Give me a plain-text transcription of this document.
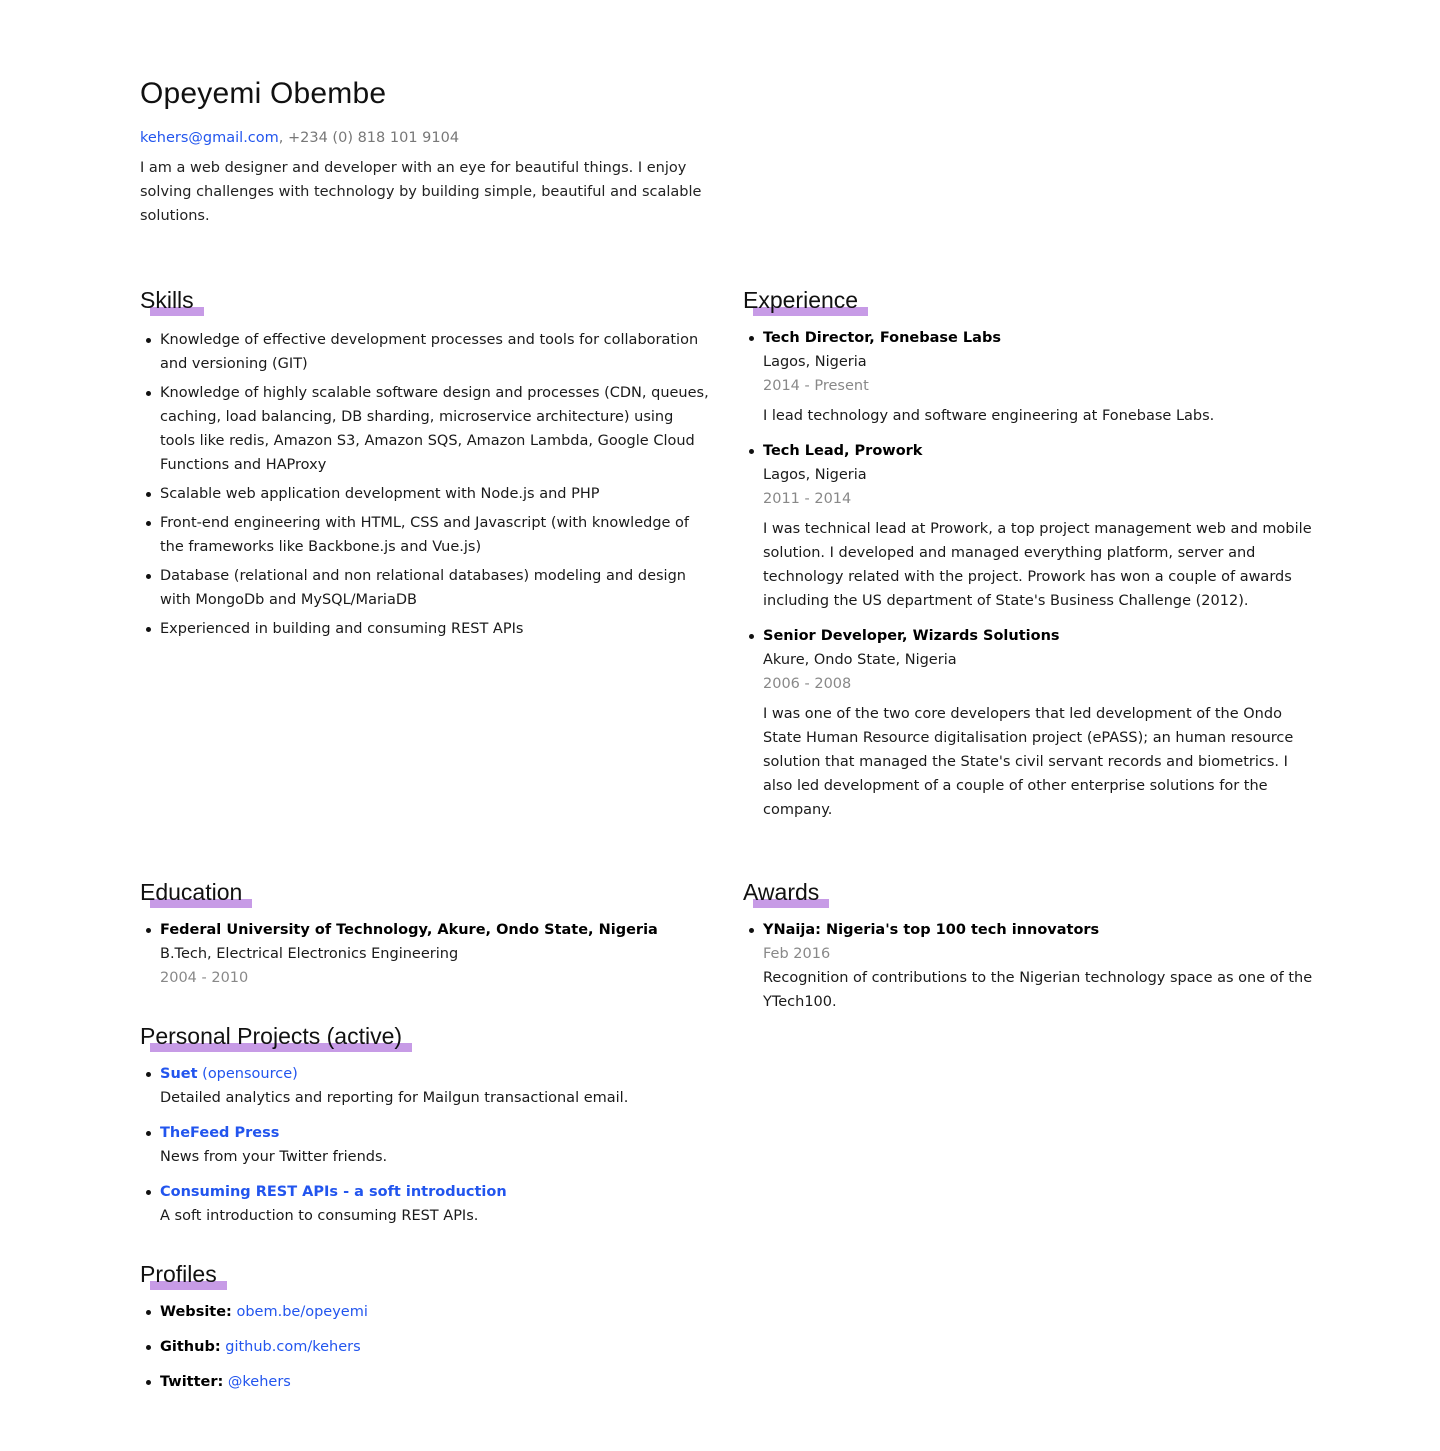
Opeyemi Obembe

kehers@gmail.com, +234 (0) 818 101 9104

I am a web designer and developer with an eye for beautiful things. I enjoy solving challenges with technology by building simple, beautiful and scalable solutions.

Skills
Knowledge of effective development processes and tools for collaboration and versioning (GIT)
Knowledge of highly scalable software design and processes (CDN, queues, caching, load balancing, DB sharding, microservice architecture) using tools like redis, Amazon S3, Amazon SQS, Amazon Lambda, Google Cloud Functions and HAProxy
Scalable web application development with Node.js and PHP
Front-end engineering with HTML, CSS and Javascript (with knowledge of the frameworks like Backbone.js and Vue.js)
Database (relational and non relational databases) modeling and design with MongoDb and MySQL/MariaDB
Experienced in building and consuming REST APIs
Experience
Tech Director, Fonebase Labs
Lagos, Nigeria
2014 - Present
I lead technology and software engineering at Fonebase Labs.
Tech Lead, Prowork
Lagos, Nigeria
2011 - 2014
I was technical lead at Prowork, a top project management web and mobile solution. I developed and managed everything platform, server and technology related with the project. Prowork has won a couple of awards including the US department of State's Business Challenge (2012).
Senior Developer, Wizards Solutions
Akure, Ondo State, Nigeria
2006 - 2008
I was one of the two core developers that led development of the Ondo State Human Resource digitalisation project (ePASS); an human resource solution that managed the State's civil servant records and biometrics. I also led development of a couple of other enterprise solutions for the company.
Education
Federal University of Technology, Akure, Ondo State, Nigeria
B.Tech, Electrical Electronics Engineering
2004 - 2010
Awards
YNaija: Nigeria's top 100 tech innovators
Feb 2016
Recognition of contributions to the Nigerian technology space as one of the YTech100.
Personal Projects (active)
Suet (opensource)
Detailed analytics and reporting for Mailgun transactional email.
TheFeed Press
News from your Twitter friends.
Consuming REST APIs - a soft introduction
A soft introduction to consuming REST APIs.
Profiles
Website: obem.be/opeyemi
Github: github.com/kehers
Twitter: @kehers
